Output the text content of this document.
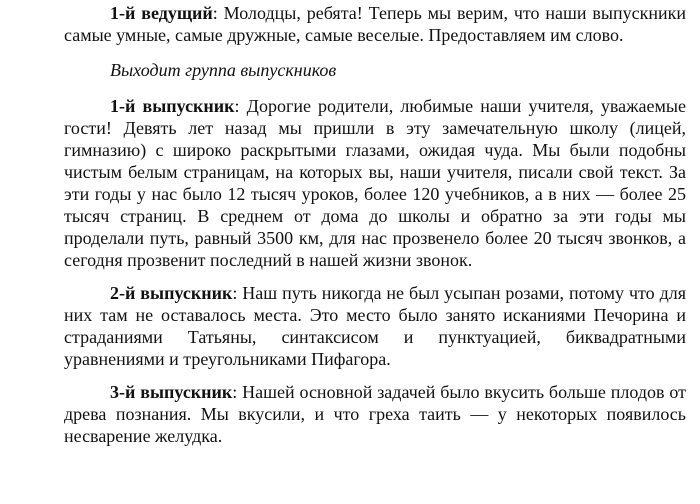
1-й ведущий: Молодцы, ребята! Теперь мы верим, что наши выпускники самые умные, самые дружные, самые веселые. Предоставляем им слово.

Выходит группа выпускников

1-й выпускник: Дорогие родители, любимые наши учителя, уважаемые гости! Девять лет назад мы пришли в эту замечательную школу (лицей, гимназию) с широко раскрытыми глазами, ожидая чуда. Мы были подобны чистым белым страницам, на которых вы, наши учителя, писали свой текст. За эти годы у нас было 12 тысяч уроков, более 120 учебников, а в них — более 25 тысяч страниц. В среднем от дома до школы и обратно за эти годы мы проделали путь, равный 3500 км, для нас прозвенело более 20 тысяч звонков, а сегодня прозвенит последний в нашей жизни звонок.

2-й выпускник: Наш путь никогда не был усыпан розами, потому что для них там не оставалось места. Это место было занято исканиями Печорина и страданиями Татьяны, синтаксисом и пунктуацией, биквадратными уравнениями и треугольниками Пифагора.

3-й выпускник: Нашей основной задачей было вкусить больше плодов от древа познания. Мы вкусили, и что греха таить — у некоторых появилось несварение желудка.
